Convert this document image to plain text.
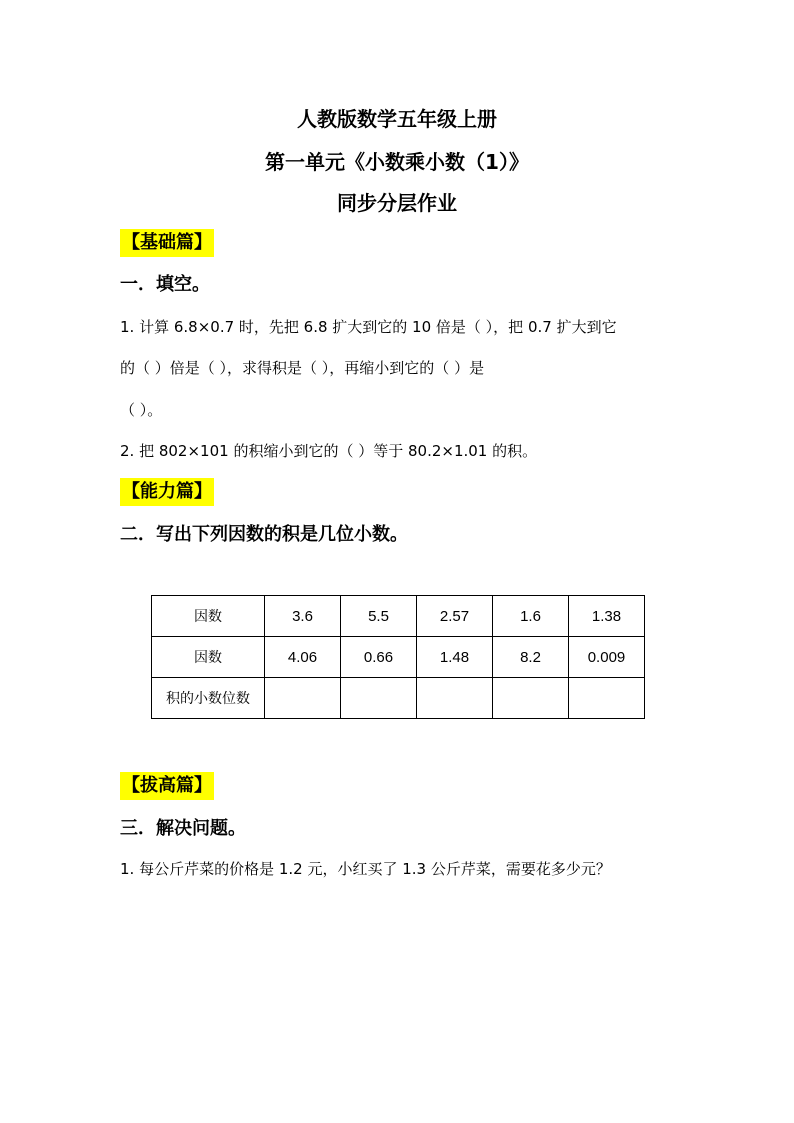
人教版数学五年级上册
第一单元《小数乘小数（1）》
同步分层作业
【基础篇】
一．填空。
1. 计算 6.8×0.7 时，先把 6.8 扩大到它的 10 倍是（ ），把 0.7 扩大到它
的（ ）倍是（ ），求得积是（ ），再缩小到它的（ ）是
（ ）。
2. 把 802×101 的积缩小到它的（ ）等于 80.2×1.01 的积。
【能力篇】
二．写出下列因数的积是几位小数。
因数	3.6	5.5	2.57	1.6	1.38
因数	4.06	0.66	1.48	8.2	0.009
积的小数位数					
【拔高篇】
三．解决问题。
1. 每公斤芹菜的价格是 1.2 元，小红买了 1.3 公斤芹菜，需要花多少元？
